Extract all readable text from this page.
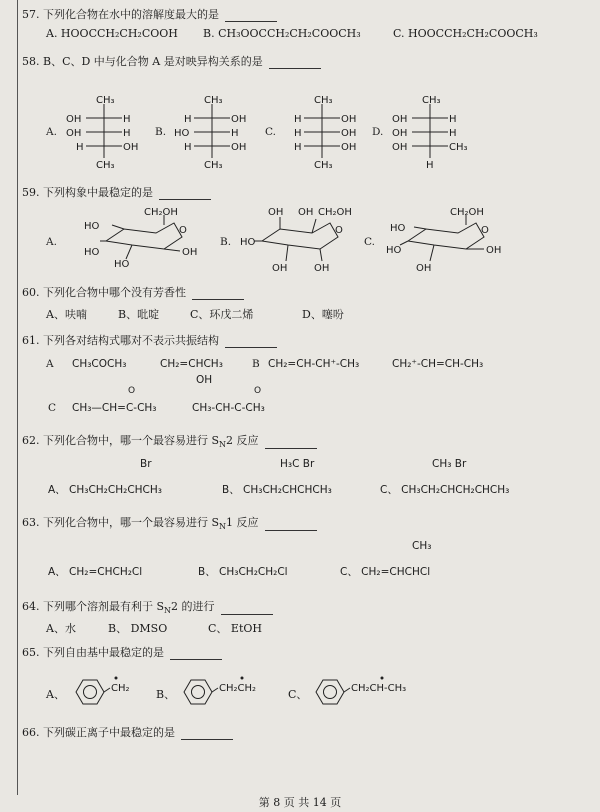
57. 下列化合物在水中的溶解度最大的是
A. HOOCCH₂CH₂COOH B. CH₃OOCCH₂CH₂COOCH₃	C. HOOCCH₂CH₂COOCH₃
58. B、C、D 中与化合物 A 是对映异构关系的是
A.
CH₃
OH	H
OH	H
H	OH
CH₃
B.
CH₃
H	OH
HO	H
H	OH
CH₃
C.
CH₃
H	OH
H	OH
H	OH
CH₃
D.
CH₃
OH	H
OH	H
OH	CH₃
H
59. 下列构象中最稳定的是
A.
CH₂OH
O
HO
HO
HO
OH
B.
OH CH₂OH
O
OH
HO
OH	OH
C.
CH₂OH
O
HO
HO
OH
OH
60. 下列化合物中哪个没有芳香性
A、呋喃	B、吡啶	C、环戊二烯	D、噻吩
61. 下列各对结构式哪对不表示共振结构
A CH₃COCH₃	CH₂=CHCH₃
OH
B CH₂=CH-CH⁺-CH₃	CH₂⁺-CH=CH-CH₃
C CH₃—CH=C-CH₃
O
CH₃-CH-C-CH₃
O
62. 下列化合物中，哪一个最容易进行 $S_N2$ 反应
Br
A、 CH₃CH₂CH₂CHCH₃
H₃C Br
B、 CH₃CH₂CHCHCH₃
CH₃ Br
C、 CH₃CH₂CHCH₂CHCH₃
63. 下列化合物中，哪一个最容易进行 $S_N1$ 反应
A、 CH₂=CHCH₂Cl	B、 CH₃CH₂CH₂Cl
CH₃
C、 CH₂=CHCHCl
64. 下列哪个溶剂最有利于 $S_N2$ 的进行
A、水	B、 DMSO	C、 EtOH
65. 下列自由基中最稳定的是
A、	CH₂ B、	CH₂CH₂	C、	CH₂CH-CH₃
66. 下列碳正离子中最稳定的是
第 8 页 共 14 页
